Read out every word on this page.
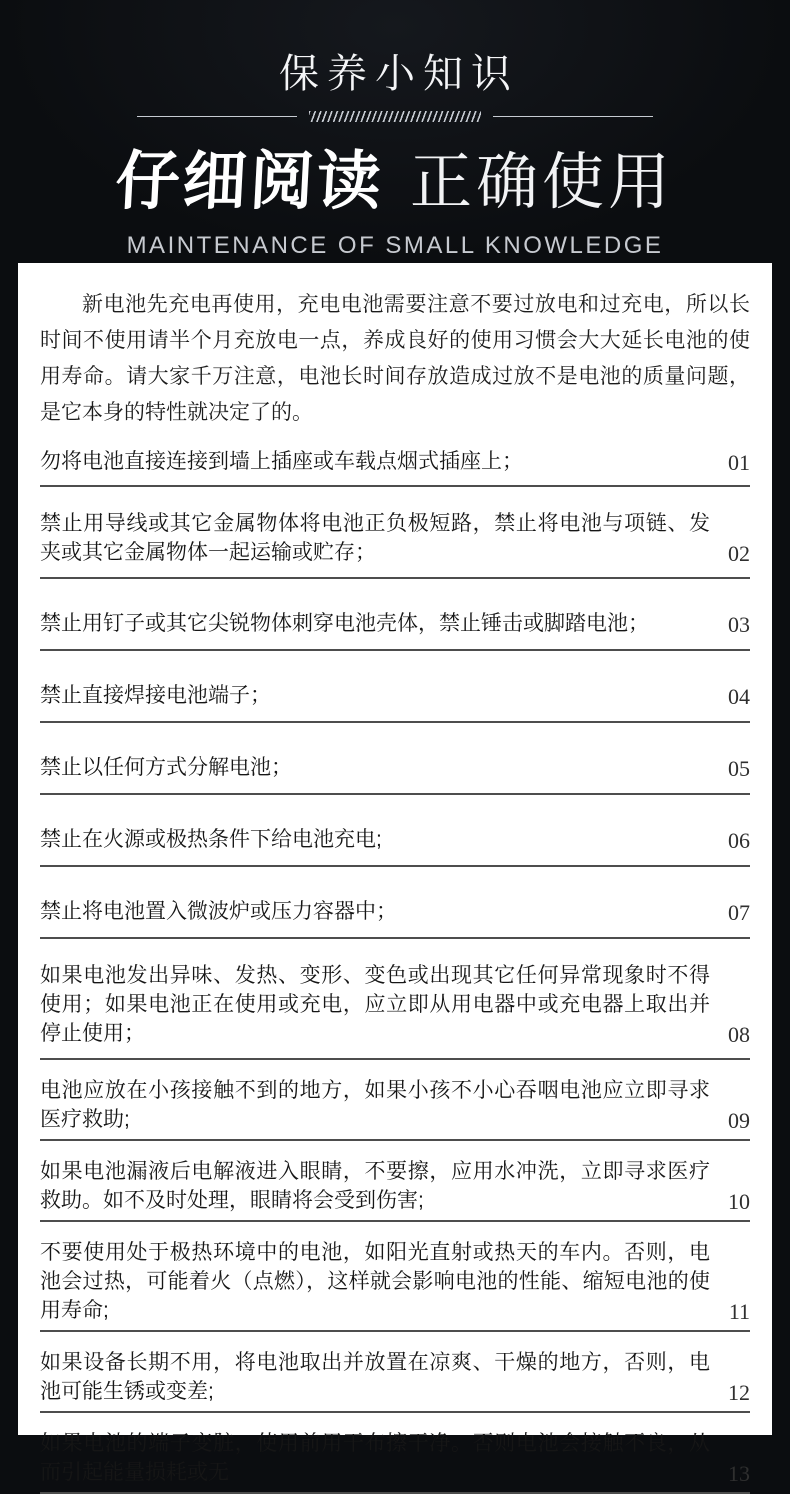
保养小知识
仔细阅读 正确使用
MAINTENANCE OF SMALL KNOWLEDGE

新电池先充电再使用，充电电池需要注意不要过放电和过充电，所以长时间不使用请半个月充放电一点，养成良好的使用习惯会大大延长电池的使用寿命。请大家千万注意，电池长时间存放造成过放不是电池的质量问题，是它本身的特性就决定了的。

勿将电池直接连接到墙上插座或车载点烟式插座上；	01
禁止用导线或其它金属物体将电池正负极短路，禁止将电池与项链、发夹或其它金属物体一起运输或贮存；	02
禁止用钉子或其它尖锐物体刺穿电池壳体，禁止锤击或脚踏电池；	03
禁止直接焊接电池端子；	04
禁止以任何方式分解电池；	05
禁止在火源或极热条件下给电池充电;	06
禁止将电池置入微波炉或压力容器中；	07
如果电池发出异味、发热、变形、变色或出现其它任何异常现象时不得使用；如果电池正在使用或充电，应立即从用电器中或充电器上取出并停止使用；	08
电池应放在小孩接触不到的地方，如果小孩不小心吞咽电池应立即寻求医疗救助;	09
如果电池漏液后电解液进入眼睛，不要擦，应用水冲洗，立即寻求医疗救助。如不及时处理，眼睛将会受到伤害;	10
不要使用处于极热环境中的电池，如阳光直射或热天的车内。否则，电池会过热，可能着火（点燃），这样就会影响电池的性能、缩短电池的使用寿命;	11
如果设备长期不用，将电池取出并放置在凉爽、干燥的地方，否则，电池可能生锈或变差;	12
如果电池的端子变脏，使用前用干布擦干净。否则电池会接触不良，从而引起能量损耗或无	13
